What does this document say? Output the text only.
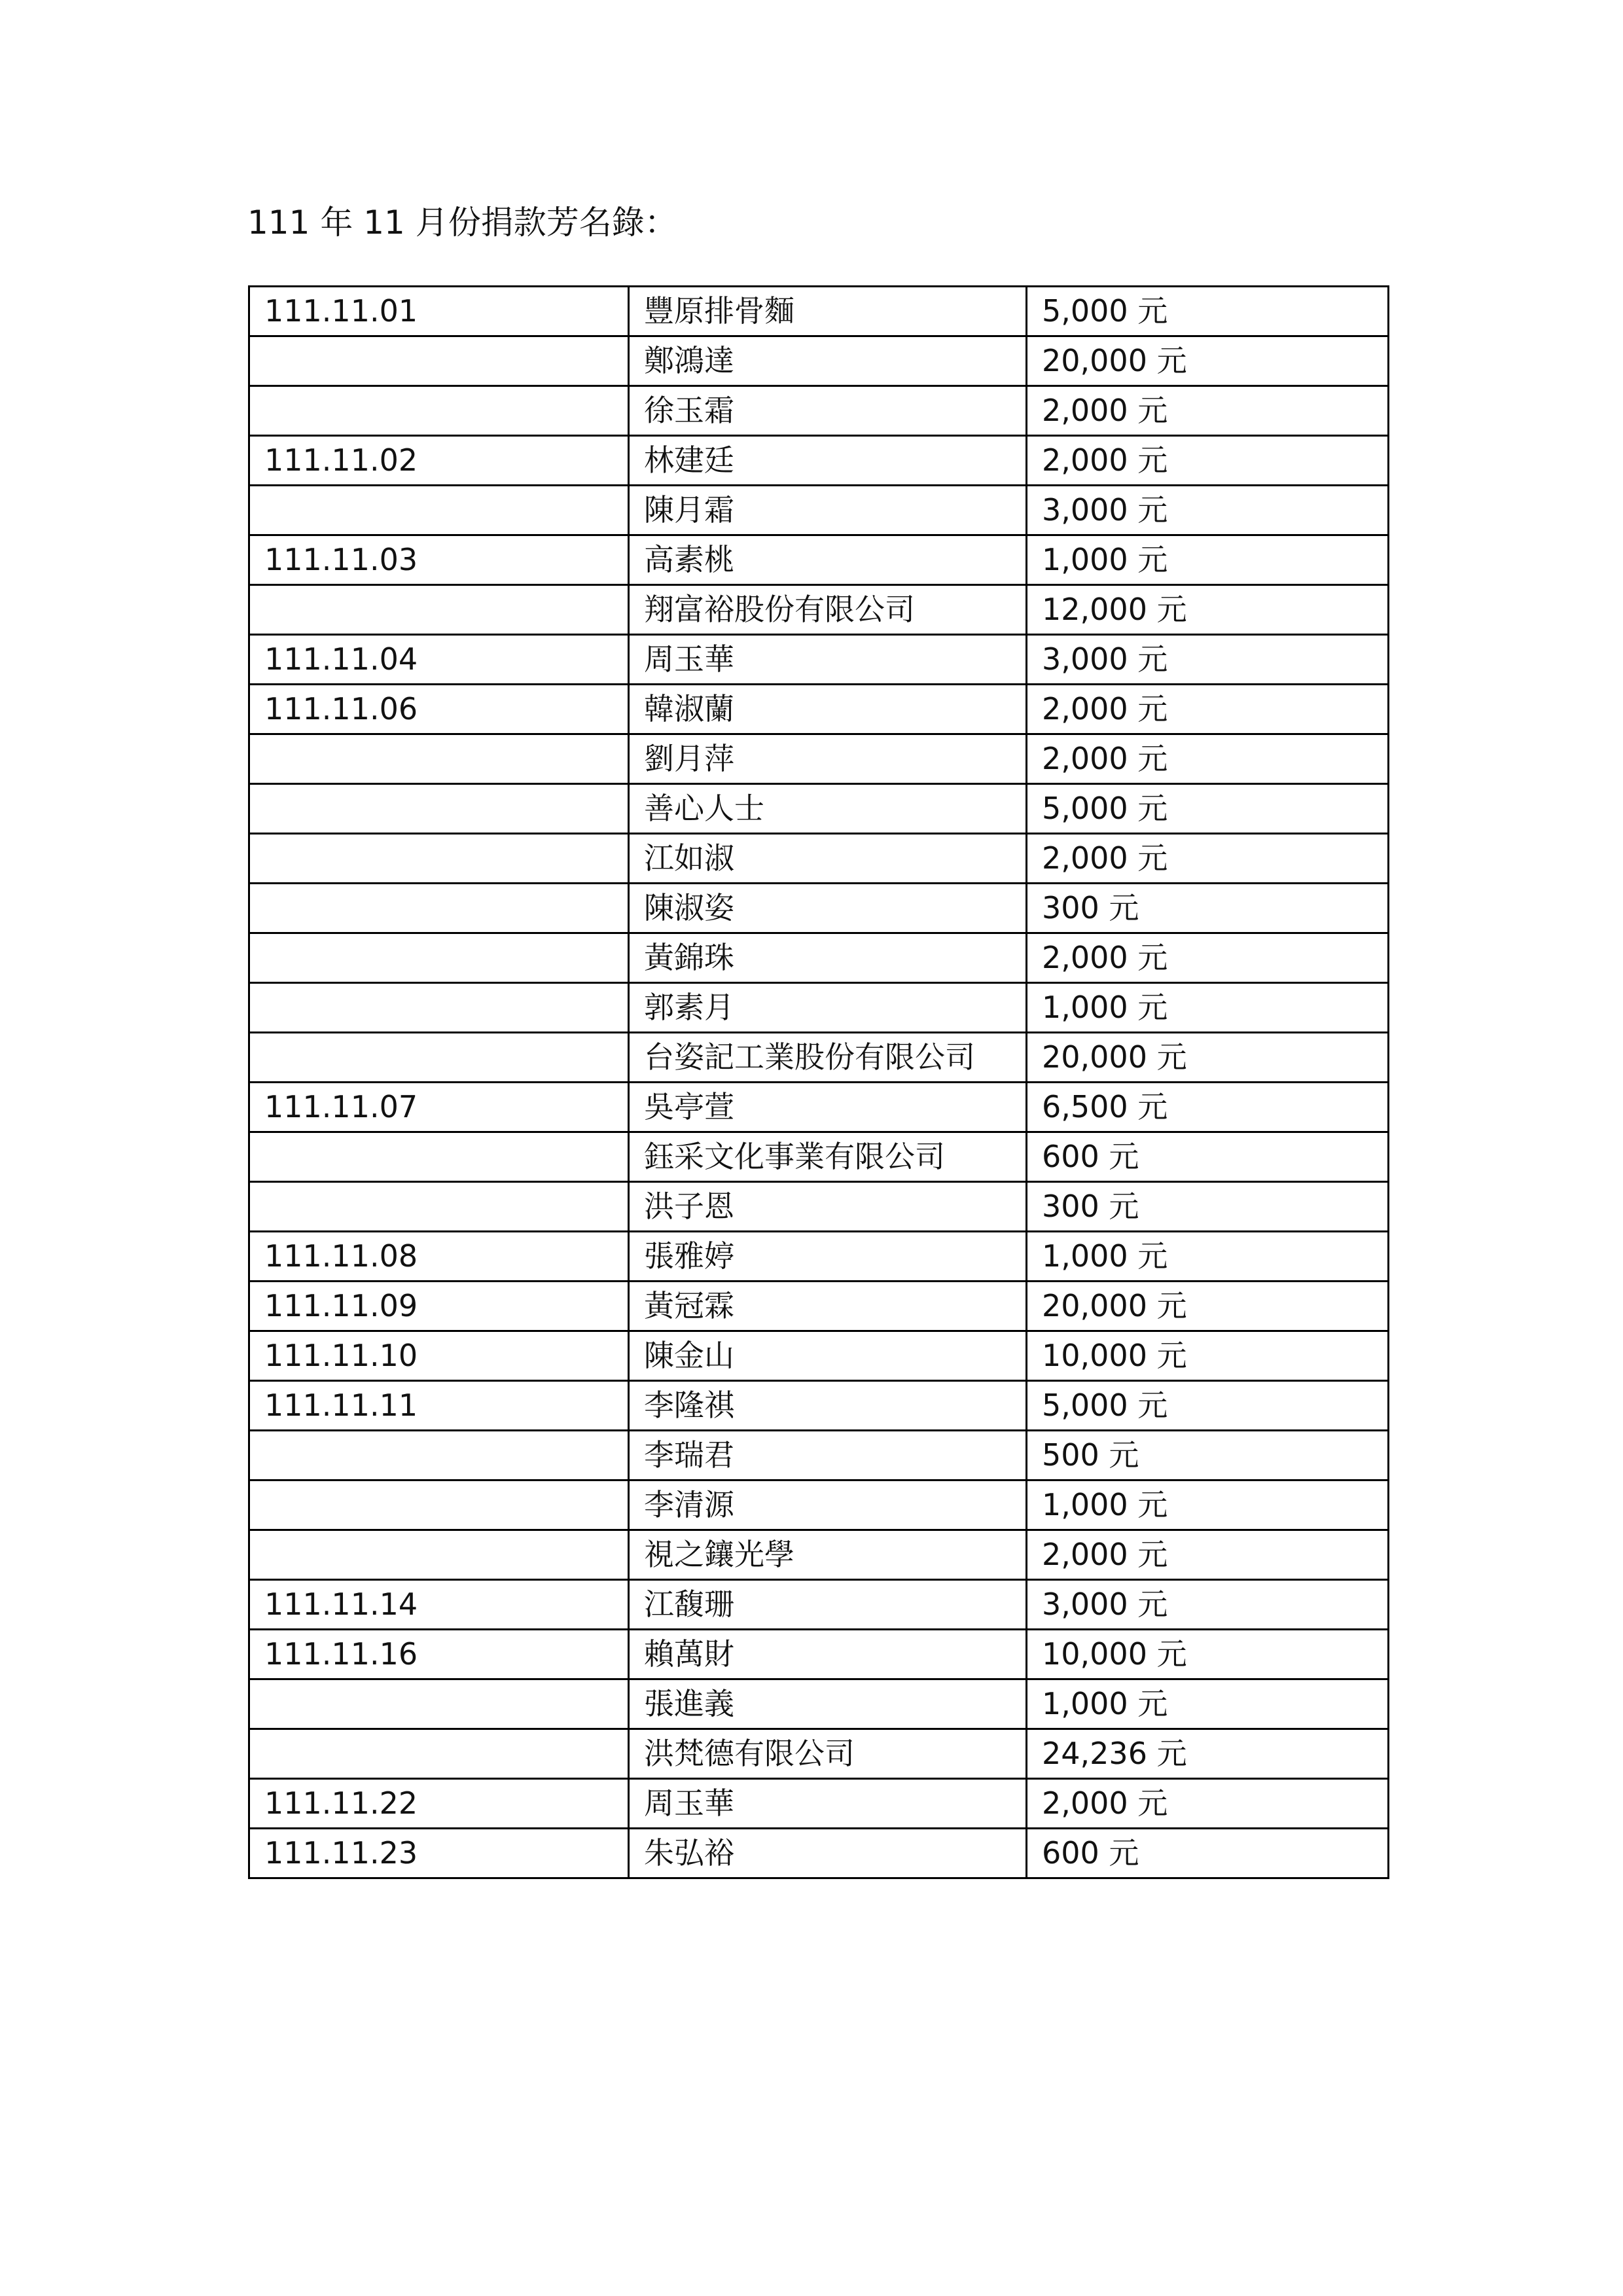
111 年 11 月份捐款芳名錄：
111.11.01	豐原排骨麵	5,000 元
	鄭鴻達	20,000 元
	徐玉霜	2,000 元
111.11.02	林建廷	2,000 元
	陳月霜	3,000 元
111.11.03	高素桃	1,000 元
	翔富裕股份有限公司	12,000 元
111.11.04	周玉華	3,000 元
111.11.06	韓淑蘭	2,000 元
	劉月萍	2,000 元
	善心人士	5,000 元
	江如淑	2,000 元
	陳淑姿	300 元
	黃錦珠	2,000 元
	郭素月	1,000 元
	台姿記工業股份有限公司	20,000 元
111.11.07	吳亭萱	6,500 元
	鈺采文化事業有限公司	600 元
	洪子恩	300 元
111.11.08	張雅婷	1,000 元
111.11.09	黃冠霖	20,000 元
111.11.10	陳金山	10,000 元
111.11.11	李隆祺	5,000 元
	李瑞君	500 元
	李清源	1,000 元
	視之鑲光學	2,000 元
111.11.14	江馥珊	3,000 元
111.11.16	賴萬財	10,000 元
	張進義	1,000 元
	洪梵德有限公司	24,236 元
111.11.22	周玉華	2,000 元
111.11.23	朱弘裕	600 元
